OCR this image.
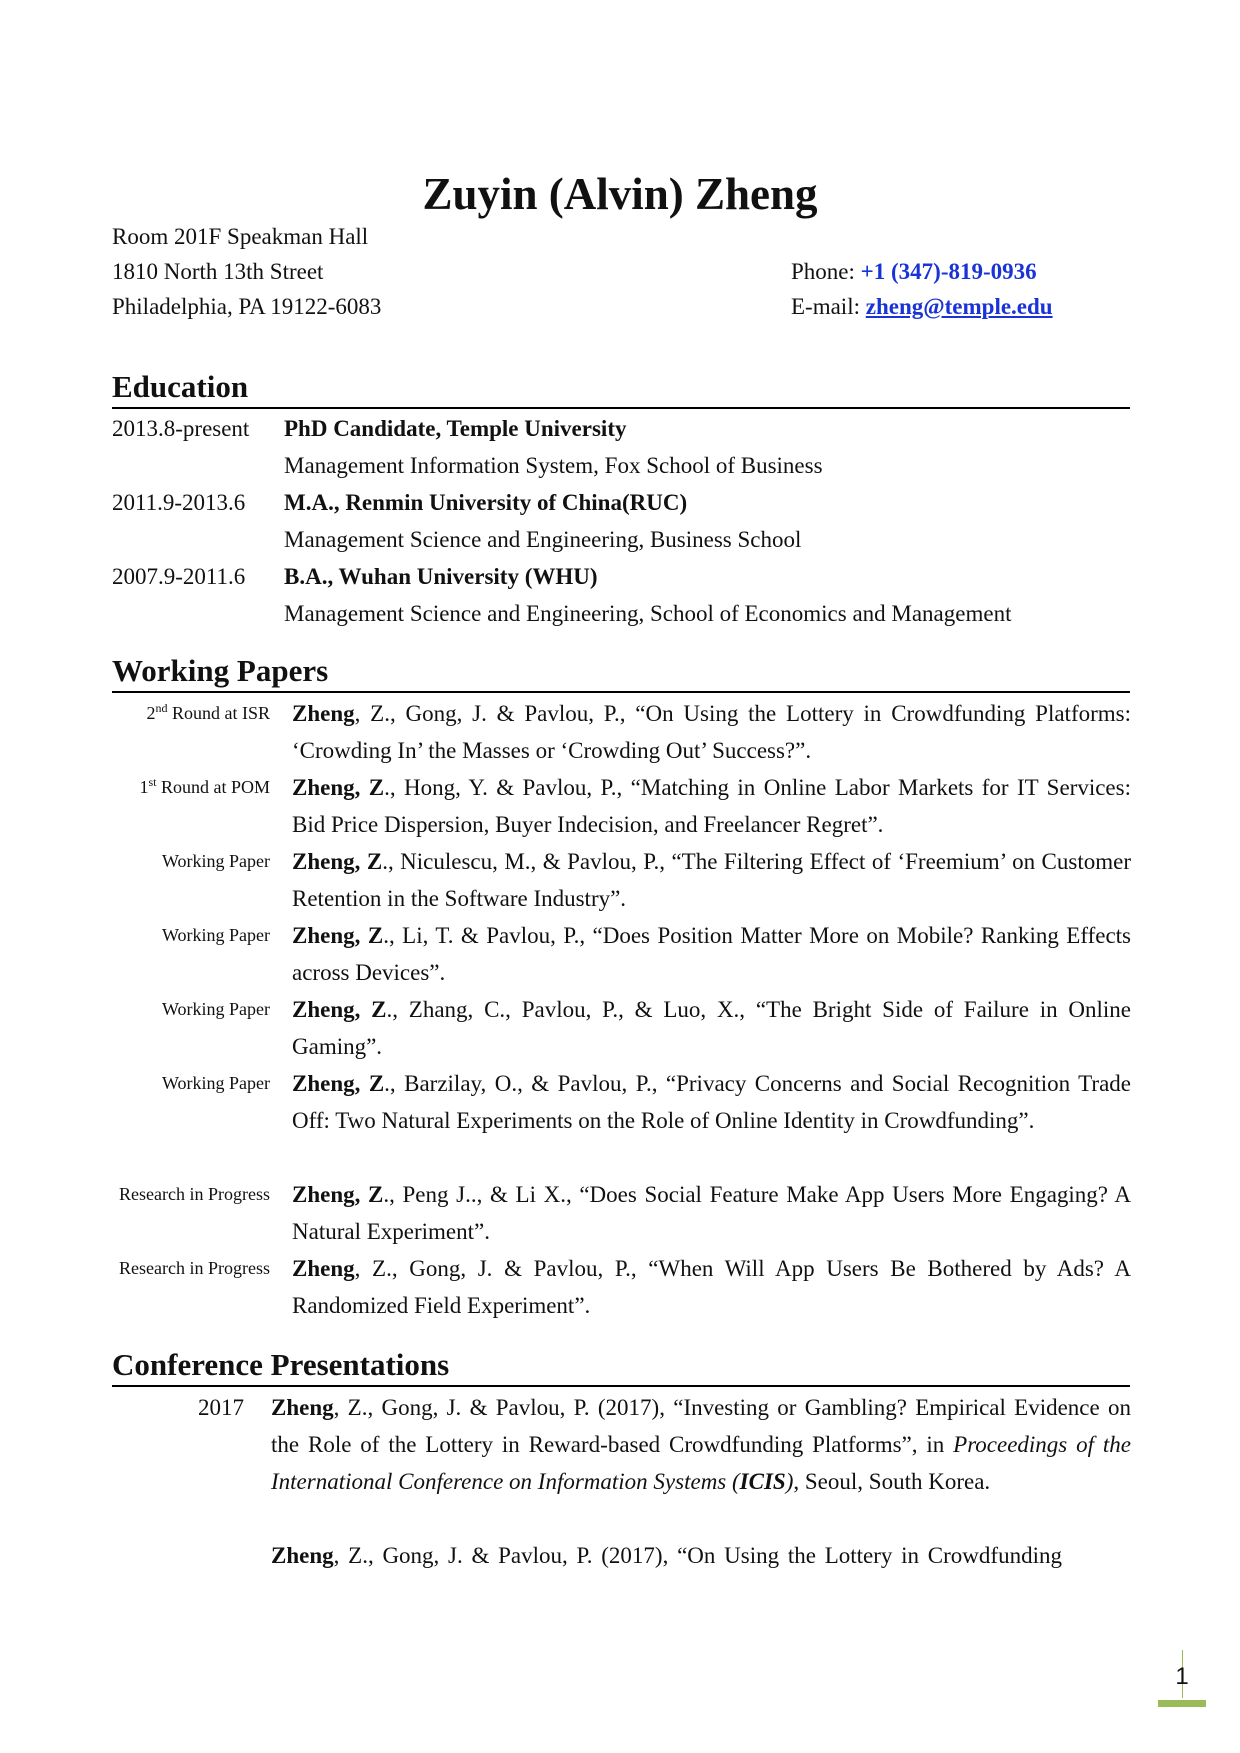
Zuyin (Alvin) Zheng
Room 201F Speakman Hall
1810 North 13th Street
Philadelphia, PA 19122-6083
Phone: +1 (347)-819-0936
E-mail: zheng@temple.edu
Education
2013.8-present PhD Candidate, Temple University
Management Information System, Fox School of Business
2011.9-2013.6 M.A., Renmin University of China(RUC)
Management Science and Engineering, Business School
2007.9-2011.6 B.A., Wuhan University (WHU)
Management Science and Engineering, School of Economics and Management
Working Papers
2nd Round at ISR Zheng, Z., Gong, J. & Pavlou, P., “On Using the Lottery in Crowdfunding Platforms: ‘Crowding In’ the Masses or ‘Crowding Out’ Success?”.
1st Round at POM Zheng, Z., Hong, Y. & Pavlou, P., “Matching in Online Labor Markets for IT Services: Bid Price Dispersion, Buyer Indecision, and Freelancer Regret”.
Working Paper Zheng, Z., Niculescu, M., & Pavlou, P., “The Filtering Effect of ‘Freemium’ on Customer Retention in the Software Industry”.
Working Paper Zheng, Z., Li, T. & Pavlou, P., “Does Position Matter More on Mobile? Ranking Effects across Devices”.
Working Paper Zheng, Z., Zhang, C., Pavlou, P., & Luo, X., “The Bright Side of Failure in Online Gaming”.
Working Paper Zheng, Z., Barzilay, O., & Pavlou, P., “Privacy Concerns and Social Recognition Trade Off: Two Natural Experiments on the Role of Online Identity in Crowdfunding”.
Research in Progress Zheng, Z., Peng J.., & Li X., “Does Social Feature Make App Users More Engaging? A Natural Experiment”.
Research in Progress Zheng, Z., Gong, J. & Pavlou, P., “When Will App Users Be Bothered by Ads? A Randomized Field Experiment”.
Conference Presentations
2017 Zheng, Z., Gong, J. & Pavlou, P. (2017), “Investing or Gambling? Empirical Evidence on the Role of the Lottery in Reward-based Crowdfunding Platforms”, in Proceedings of the International Conference on Information Systems (ICIS), Seoul, South Korea.
Zheng, Z., Gong, J. & Pavlou, P. (2017), “On Using the Lottery in Crowdfunding
1
